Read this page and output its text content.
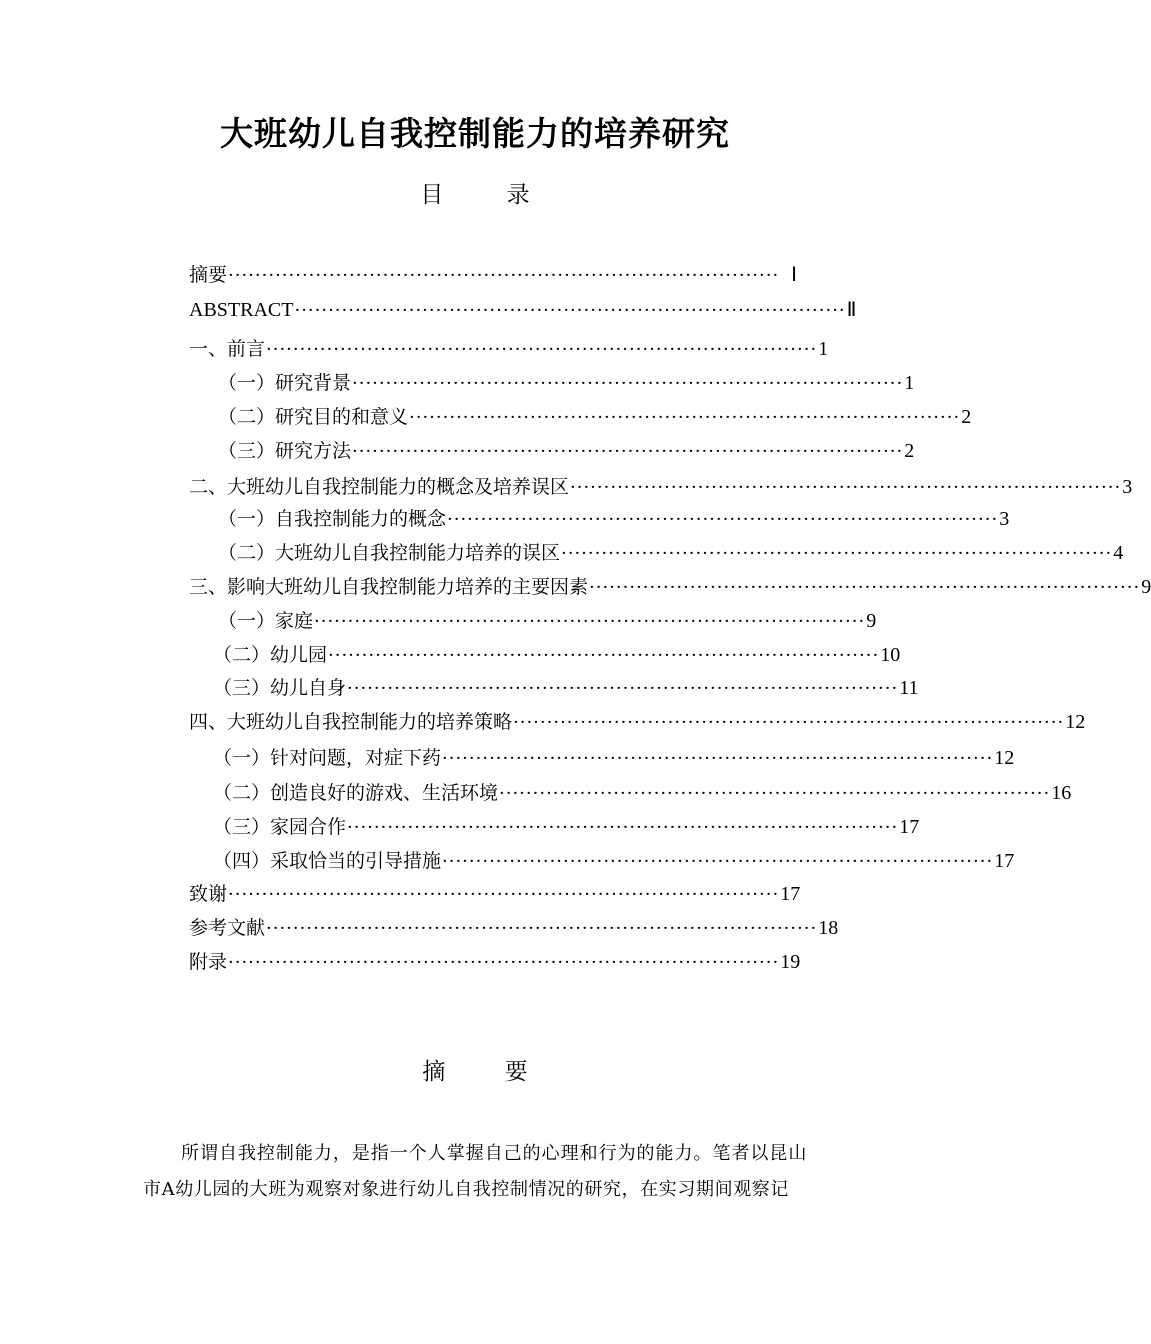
大班幼儿自我控制能力的培养研究
目 录
摘要 ·················································································· Ⅰ
ABSTRACT ·················································································· Ⅱ
一、前言 ·················································································· 1
（一）研究背景 ·················································································· 1
（二）研究目的和意义 ·················································································· 2
（三）研究方法 ·················································································· 2
二、大班幼儿自我控制能力的概念及培养误区 ·················································································· 3
（一）自我控制能力的概念 ·················································································· 3
（二）大班幼儿自我控制能力培养的误区 ·················································································· 4
三、影响大班幼儿自我控制能力培养的主要因素 ·················································································· 9
（一）家庭 ·················································································· 9
（二）幼儿园 ·················································································· 10
（三）幼儿自身 ·················································································· 11
四、大班幼儿自我控制能力的培养策略 ·················································································· 12
（一）针对问题，对症下药 ·················································································· 12
（二）创造良好的游戏、生活环境 ·················································································· 16
（三）家园合作 ·················································································· 17
（四）采取恰当的引导措施 ·················································································· 17
致谢 ·················································································· 17
参考文献 ·················································································· 18
附录 ·················································································· 19
摘 要
所谓自我控制能力，是指一个人掌握自己的心理和行为的能力。笔者以昆山市A幼儿园的大班为观察对象进行幼儿自我控制情况的研究，在实习期间观察记
